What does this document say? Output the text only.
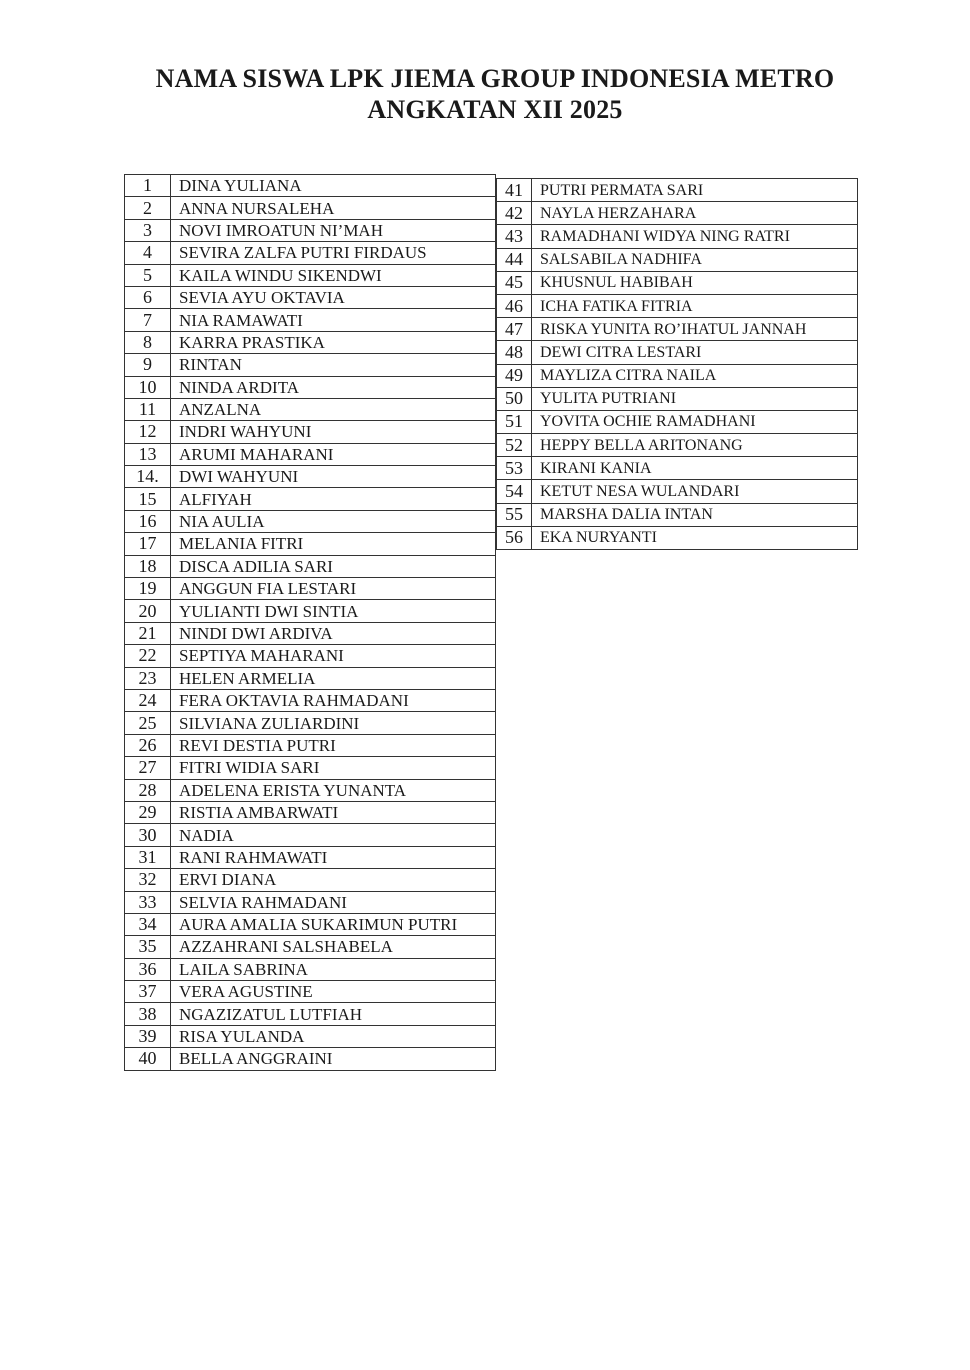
NAMA SISWA LPK JIEMA GROUP INDONESIA METRO
ANGKATAN XII 2025
1	DINA YULIANA
2	ANNA NURSALEHA
3	NOVI IMROATUN NI’MAH
4	SEVIRA ZALFA PUTRI FIRDAUS
5	KAILA WINDU SIKENDWI
6	SEVIA AYU OKTAVIA
7	NIA RAMAWATI
8	KARRA PRASTIKA
9	RINTAN
10	NINDA ARDITA
11	ANZALNA
12	INDRI WAHYUNI
13	ARUMI MAHARANI
14.	DWI WAHYUNI
15	ALFIYAH
16	NIA AULIA
17	MELANIA FITRI
18	DISCA ADILIA SARI
19	ANGGUN FIA LESTARI
20	YULIANTI DWI SINTIA
21	NINDI DWI ARDIVA
22	SEPTIYA MAHARANI
23	HELEN ARMELIA
24	FERA OKTAVIA RAHMADANI
25	SILVIANA ZULIARDINI
26	REVI DESTIA PUTRI
27	FITRI WIDIA SARI
28	ADELENA ERISTA YUNANTA
29	RISTIA AMBARWATI
30	NADIA
31	RANI RAHMAWATI
32	ERVI DIANA
33	SELVIA RAHMADANI
34	AURA AMALIA SUKARIMUN PUTRI
35	AZZAHRANI SALSHABELA
36	LAILA SABRINA
37	VERA AGUSTINE
38	NGAZIZATUL LUTFIAH
39	RISA YULANDA
40	BELLA ANGGRAINI
41	PUTRI PERMATA SARI
42	NAYLA HERZAHARA
43	RAMADHANI WIDYA NING RATRI
44	SALSABILA NADHIFA
45	KHUSNUL HABIBAH
46	ICHA FATIKA FITRIA
47	RISKA YUNITA RO’IHATUL JANNAH
48	DEWI CITRA LESTARI
49	MAYLIZA CITRA NAILA
50	YULITA PUTRIANI
51	YOVITA OCHIE RAMADHANI
52	HEPPY BELLA ARITONANG
53	KIRANI KANIA
54	KETUT NESA WULANDARI
55	MARSHA DALIA INTAN
56	EKA NURYANTI
